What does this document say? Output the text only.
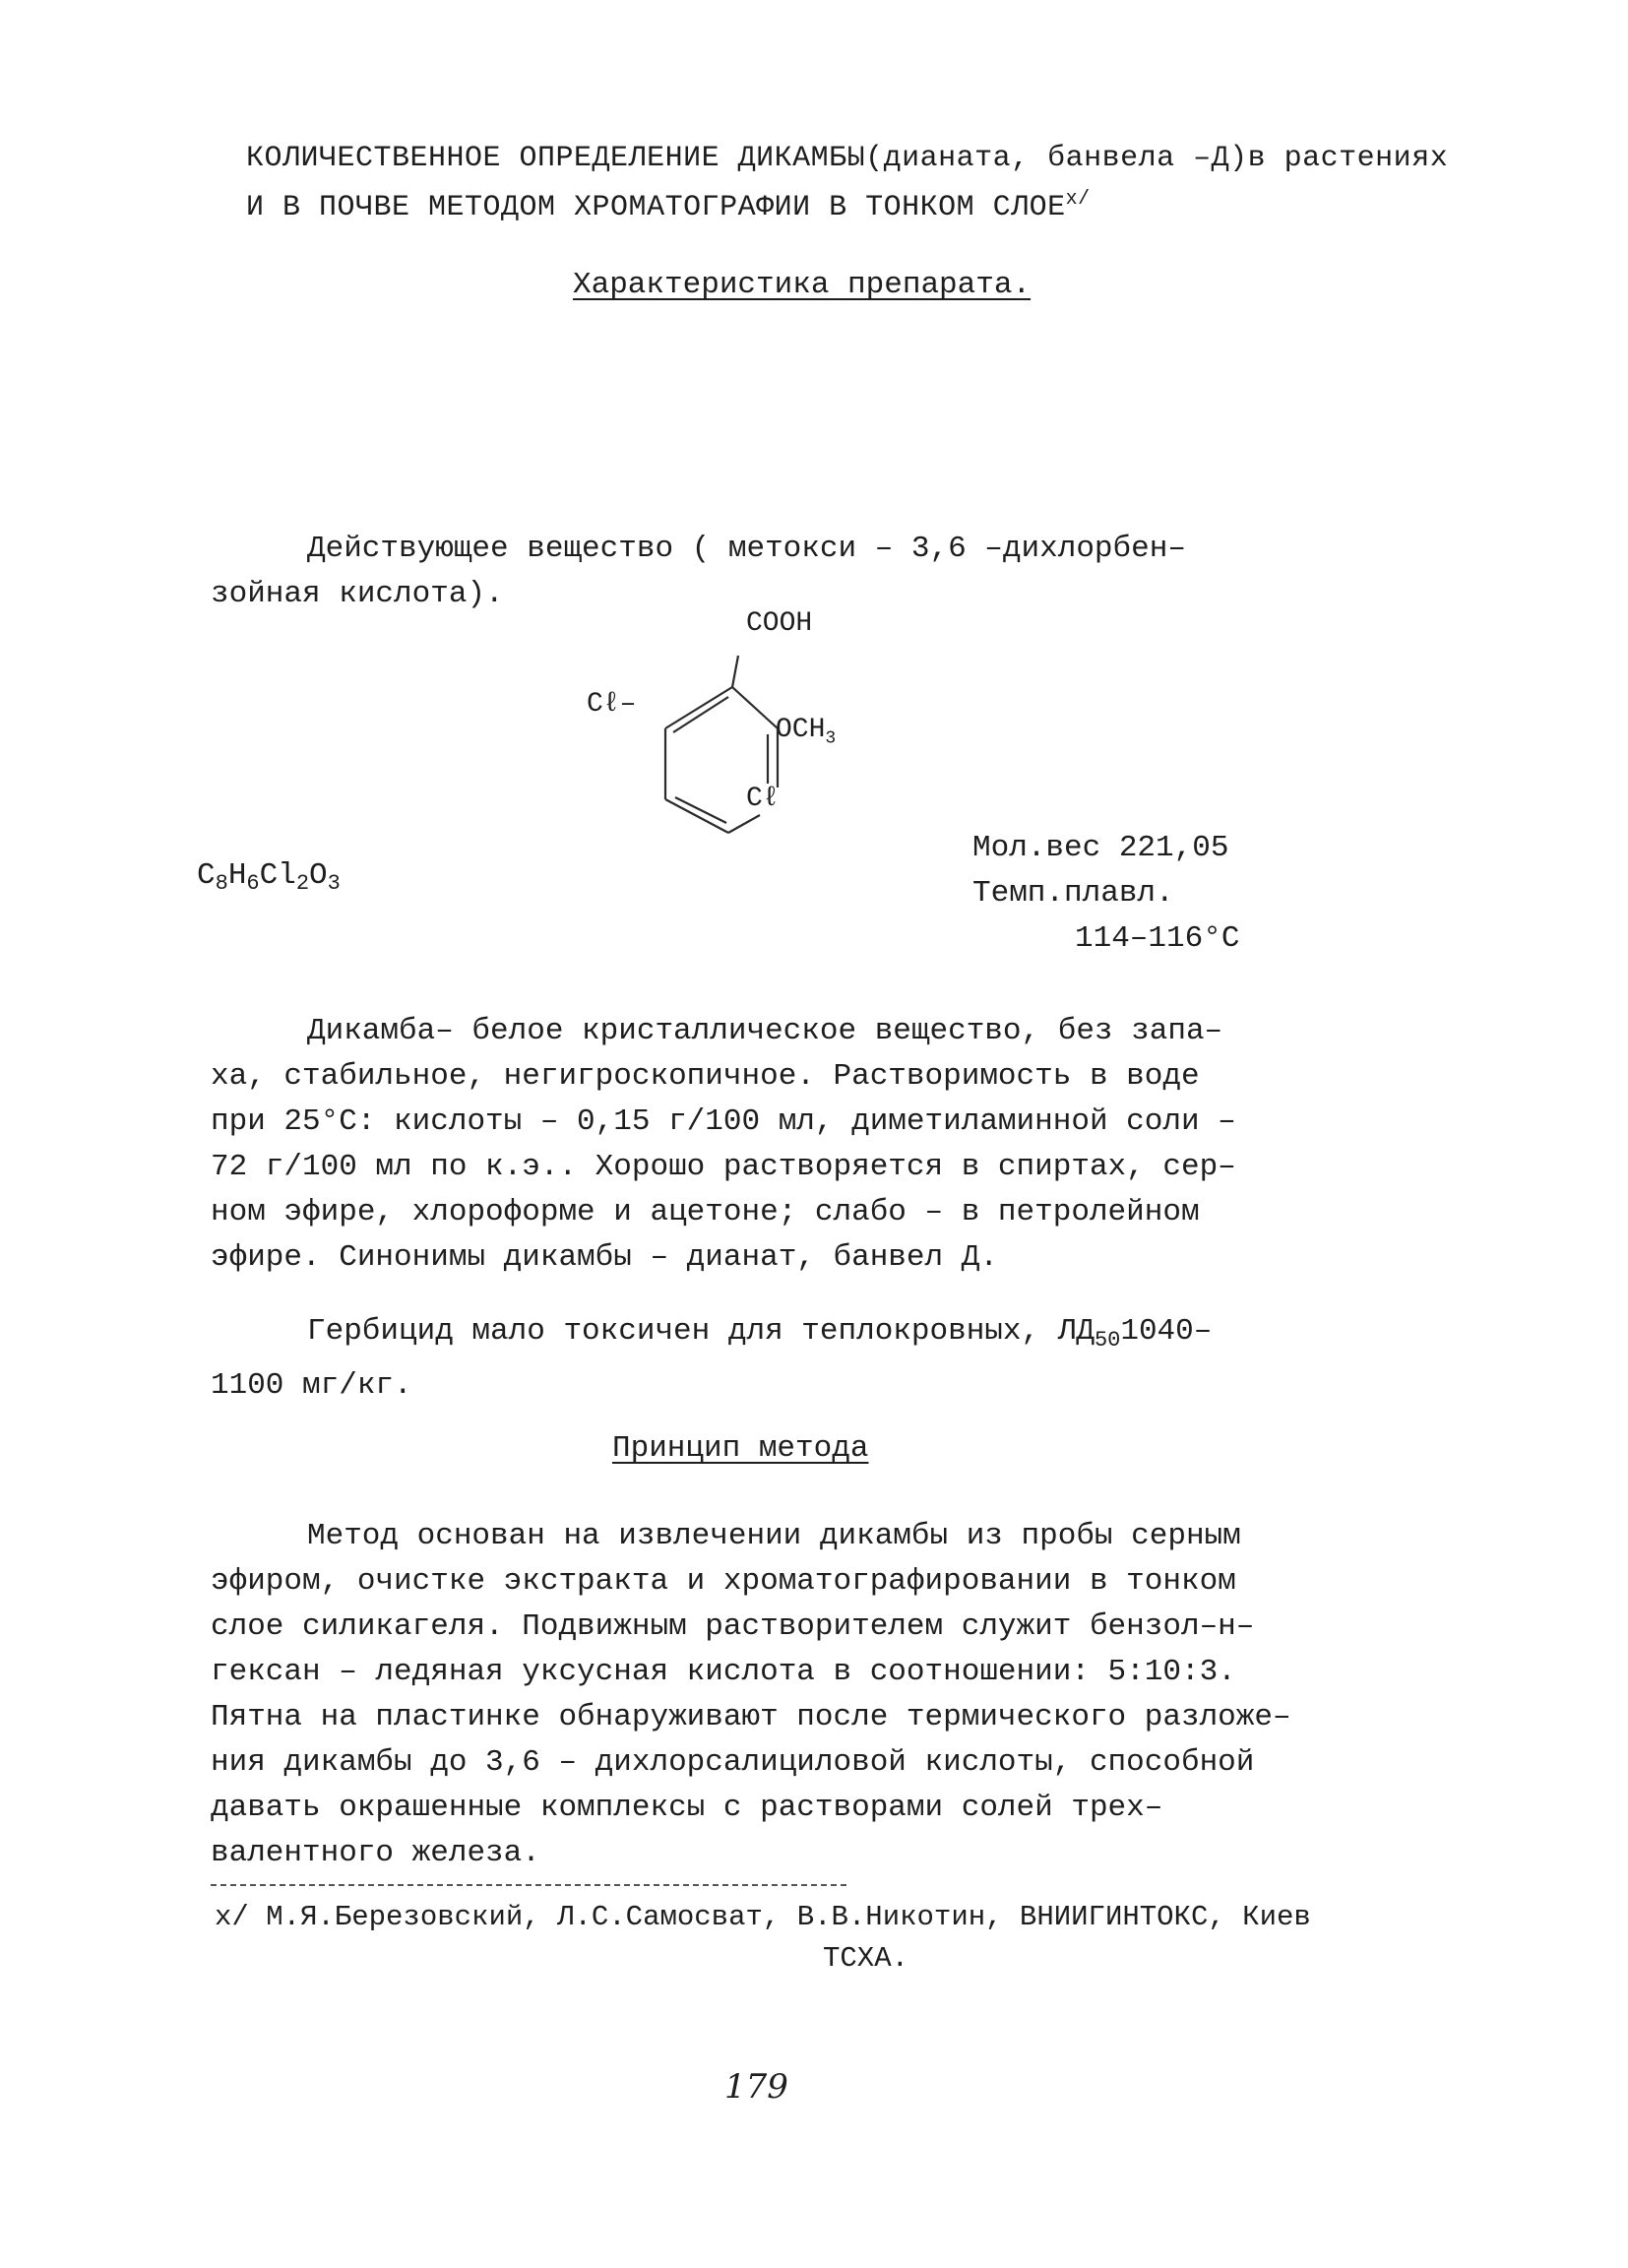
КОЛИЧЕСТВЕННОЕ ОПРЕДЕЛЕНИЕ ДИКАМБЫ(дианата, банвела –Д)в растениях
И В ПОЧВЕ МЕТОДОМ ХРОМАТОГРАФИИ В ТОНКОМ $СЛОЕ^{х/}$
Характеристика препарата.
Действующее вещество ( метокси – 3,6 –дихлорбен–
зойная кислота).
COOH
Cℓ–
$OCH_3$
Cℓ
$C_8H_6Cl_2O_3$
Мол.вес 221,05
Темп.плавл.
114–116°C
Дикамба– белое кристаллическое вещество, без запа–
ха, стабильное, негигроскопичное. Растворимость в воде
при 25°C: кислоты – 0,15 г/100 мл, диметиламинной соли –
72 г/100 мл по к.э.. Хорошо растворяется в спиртах, сер–
ном эфире, хлороформе и ацетоне; слабо – в петролейном
эфире. Синонимы дикамбы – дианат, банвел Д.
Гербицид мало токсичен для теплокровных, $ЛД_{50}1040-$
1100 мг/кг.
Принцип метода
Метод основан на извлечении дикамбы из пробы серным
эфиром, очистке экстракта и хроматографировании в тонком
слое силикагеля. Подвижным растворителем служит бензол–н–
гексан – ледяная уксусная кислота в соотношении: 5:10:3.
Пятна на пластинке обнаруживают после термического разложе–
ния дикамбы до 3,6 – дихлорсалициловой кислоты, способной
давать окрашенные комплексы с растворами солей трех–
валентного железа.
х/ М.Я.Березовский, Л.С.Самосват, В.В.Никотин, ВНИИГИНТОКС, Киев
ТСХА.
179
